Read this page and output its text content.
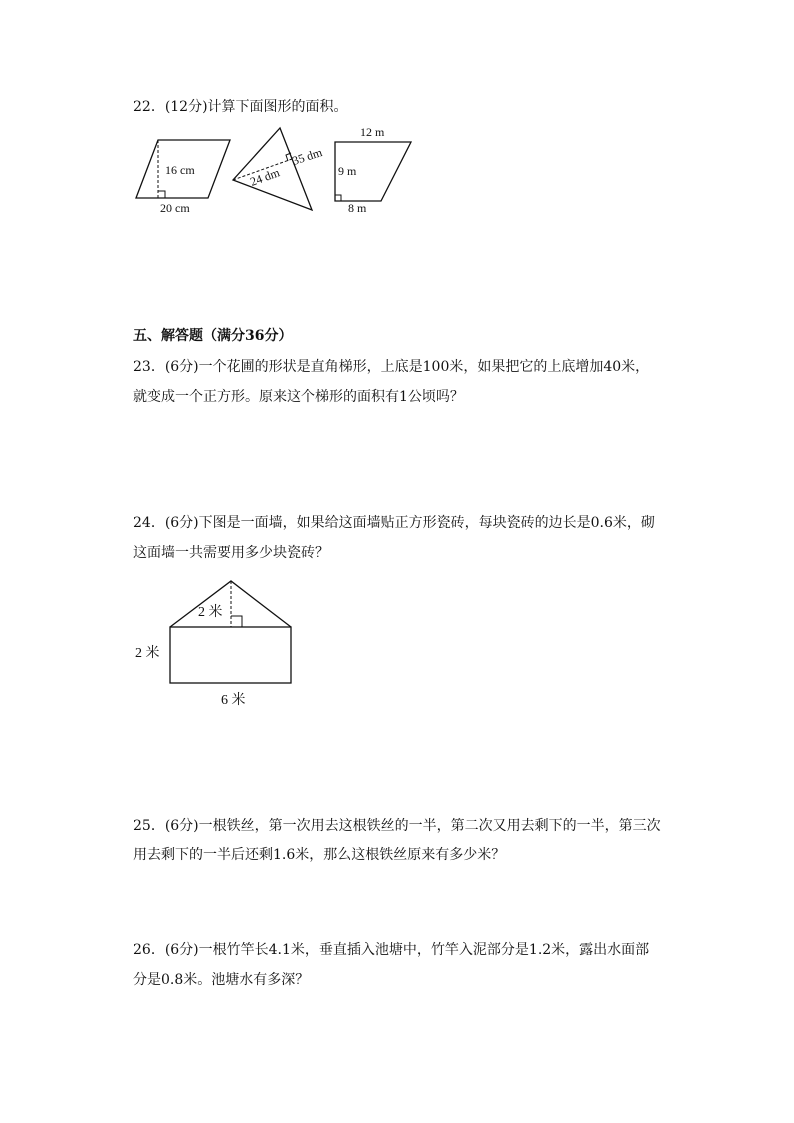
22．(12分)计算下面图形的面积。
16 cm
20 cm
35 dm
24 dm
12 m
9 m
8 m
五、解答题（满分36分）
23．(6分)一个花圃的形状是直角梯形，上底是100米，如果把它的上底增加40米，
就变成一个正方形。原来这个梯形的面积有1公顷吗？
24．(6分)下图是一面墙，如果给这面墙贴正方形瓷砖，每块瓷砖的边长是0.6米，砌
这面墙一共需要用多少块瓷砖？
2 米
2 米
6 米
25．(6分)一根铁丝，第一次用去这根铁丝的一半，第二次又用去剩下的一半，第三次
用去剩下的一半后还剩1.6米，那么这根铁丝原来有多少米？
26．(6分)一根竹竿长4.1米，垂直插入池塘中，竹竿入泥部分是1.2米，露出水面部
分是0.8米。池塘水有多深？
